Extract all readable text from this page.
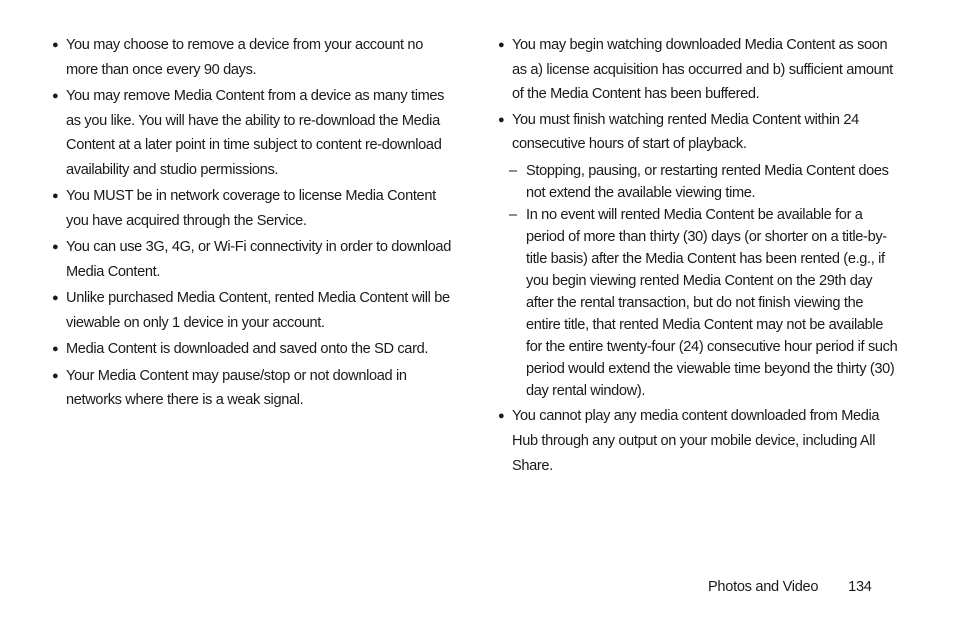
● You may choose to remove a device from your account no more than once every 90 days.
● You may remove Media Content from a device as many times as you like. You will have the ability to re-download the Media Content at a later point in time subject to content re-download availability and studio permissions.
● You MUST be in network coverage to license Media Content you have acquired through the Service.
● You can use 3G, 4G, or Wi-Fi connectivity in order to download Media Content.
● Unlike purchased Media Content, rented Media Content will be viewable on only 1 device in your account.
● Media Content is downloaded and saved onto the SD card.
● Your Media Content may pause/stop or not download in networks where there is a weak signal.
● You may begin watching downloaded Media Content as soon as a) license acquisition has occurred and b) sufficient amount of the Media Content has been buffered.
● You must finish watching rented Media Content within 24 consecutive hours of start of playback.
– Stopping, pausing, or restarting rented Media Content does not extend the available viewing time.
– In no event will rented Media Content be available for a period of more than thirty (30) days (or shorter on a title-by-title basis) after the Media Content has been rented (e.g., if you begin viewing rented Media Content on the 29th day after the rental transaction, but do not finish viewing the entire title, that rented Media Content may not be available for the entire twenty-four (24) consecutive hour period if such period would extend the viewable time beyond the thirty (30) day rental window).
● You cannot play any media content downloaded from Media Hub through any output on your mobile device, including All Share.
Photos and Video 134
